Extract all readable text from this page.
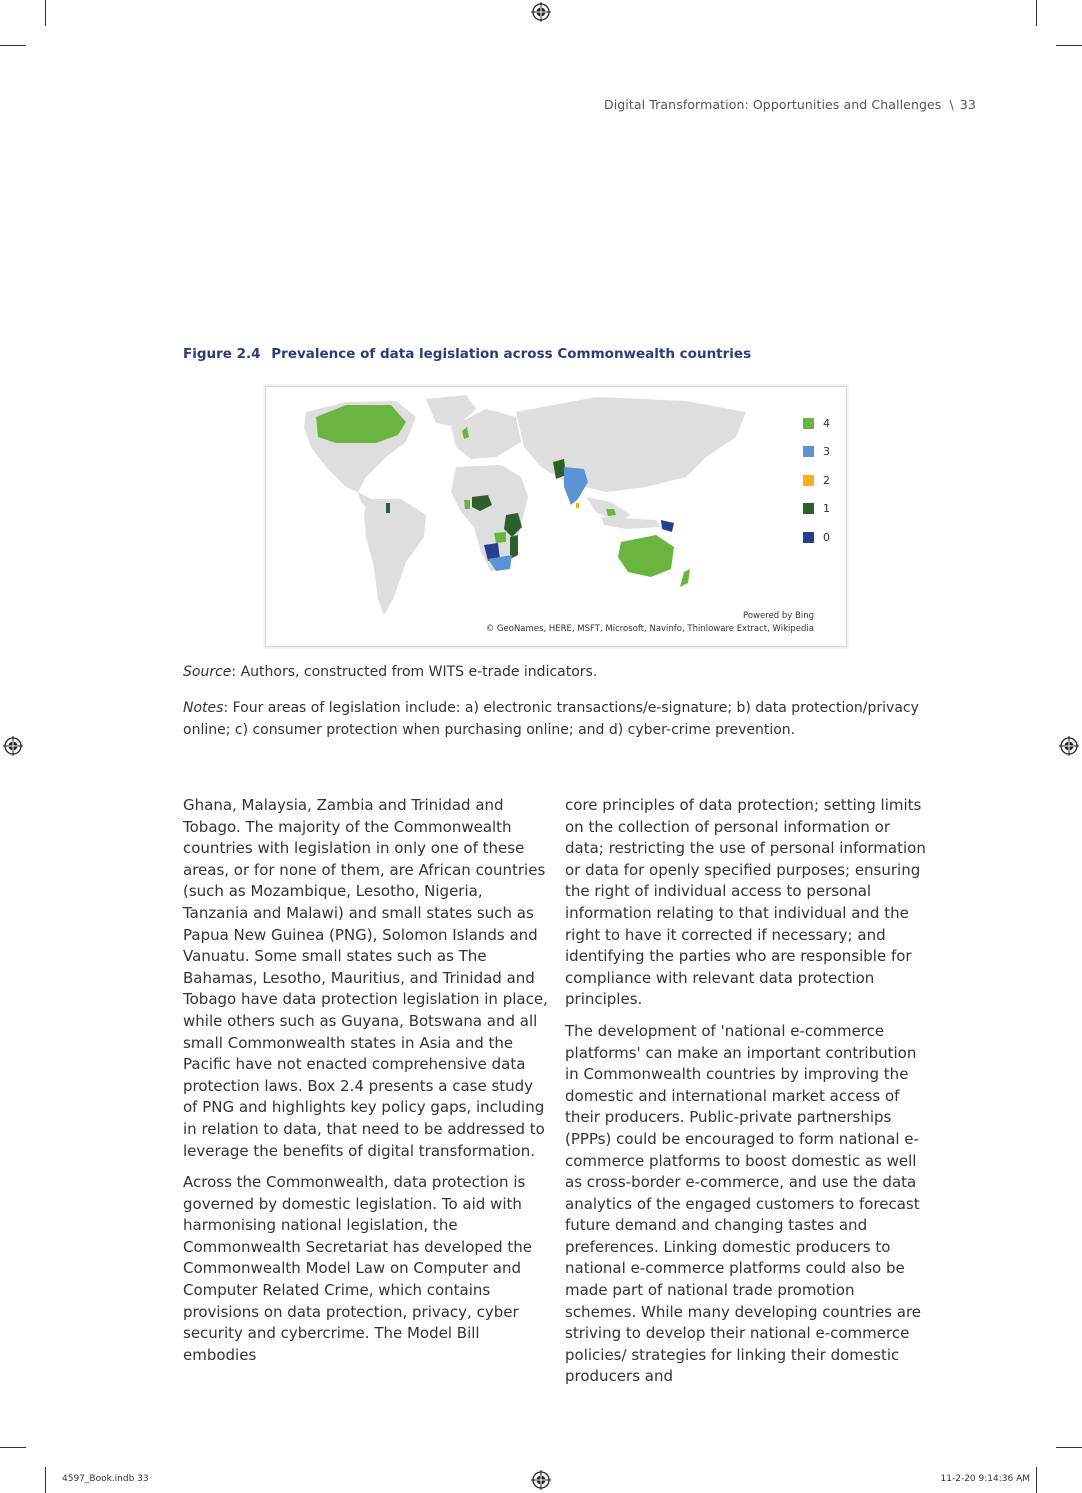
Digital Transformation: Opportunities and Challenges \ 33
Figure 2.4 Prevalence of data legislation across Commonwealth countries
4
3
2
1
0
Powered by Bing
© GeoNames, HERE, MSFT, Microsoft, Navinfo, Thinloware Extract, Wikipedia
Source: Authors, constructed from WITS e-trade indicators.
Notes: Four areas of legislation include: a) electronic transactions/e-signature; b) data protection/privacy online; c) consumer protection when purchasing online; and d) cyber-crime prevention.

Ghana, Malaysia, Zambia and Trinidad and Tobago. The majority of the Commonwealth countries with legislation in only one of these areas, or for none of them, are African countries (such as Mozambique, Lesotho, Nigeria, Tanzania and Malawi) and small states such as Papua New Guinea (PNG), Solomon Islands and Vanuatu. Some small states such as The Bahamas, Lesotho, Mauritius, and Trinidad and Tobago have data protection legislation in place, while others such as Guyana, Botswana and all small Commonwealth states in Asia and the Pacific have not enacted comprehensive data protection laws. Box 2.4 presents a case study of PNG and highlights key policy gaps, including in relation to data, that need to be addressed to leverage the benefits of digital transformation.

Across the Commonwealth, data protection is governed by domestic legislation. To aid with harmonising national legislation, the Commonwealth Secretariat has developed the Commonwealth Model Law on Computer and Computer Related Crime, which contains provisions on data protection, privacy, cyber security and cybercrime. The Model Bill embodies

core principles of data protection; setting limits on the collection of personal information or data; restricting the use of personal information or data for openly specified purposes; ensuring the right of individual access to personal information relating to that individual and the right to have it corrected if necessary; and identifying the parties who are responsible for compliance with relevant data protection principles.

The development of 'national e-commerce platforms' can make an important contribution in Commonwealth countries by improving the domestic and international market access of their producers. Public-private partnerships (PPPs) could be encouraged to form national e-commerce platforms to boost domestic as well as cross-border e-commerce, and use the data analytics of the engaged customers to forecast future demand and changing tastes and preferences. Linking domestic producers to national e-commerce platforms could also be made part of national trade promotion schemes. While many developing countries are striving to develop their national e-commerce policies/ strategies for linking their domestic producers and

4597_Book.indb 33	11-2-20 9:14:36 AM
